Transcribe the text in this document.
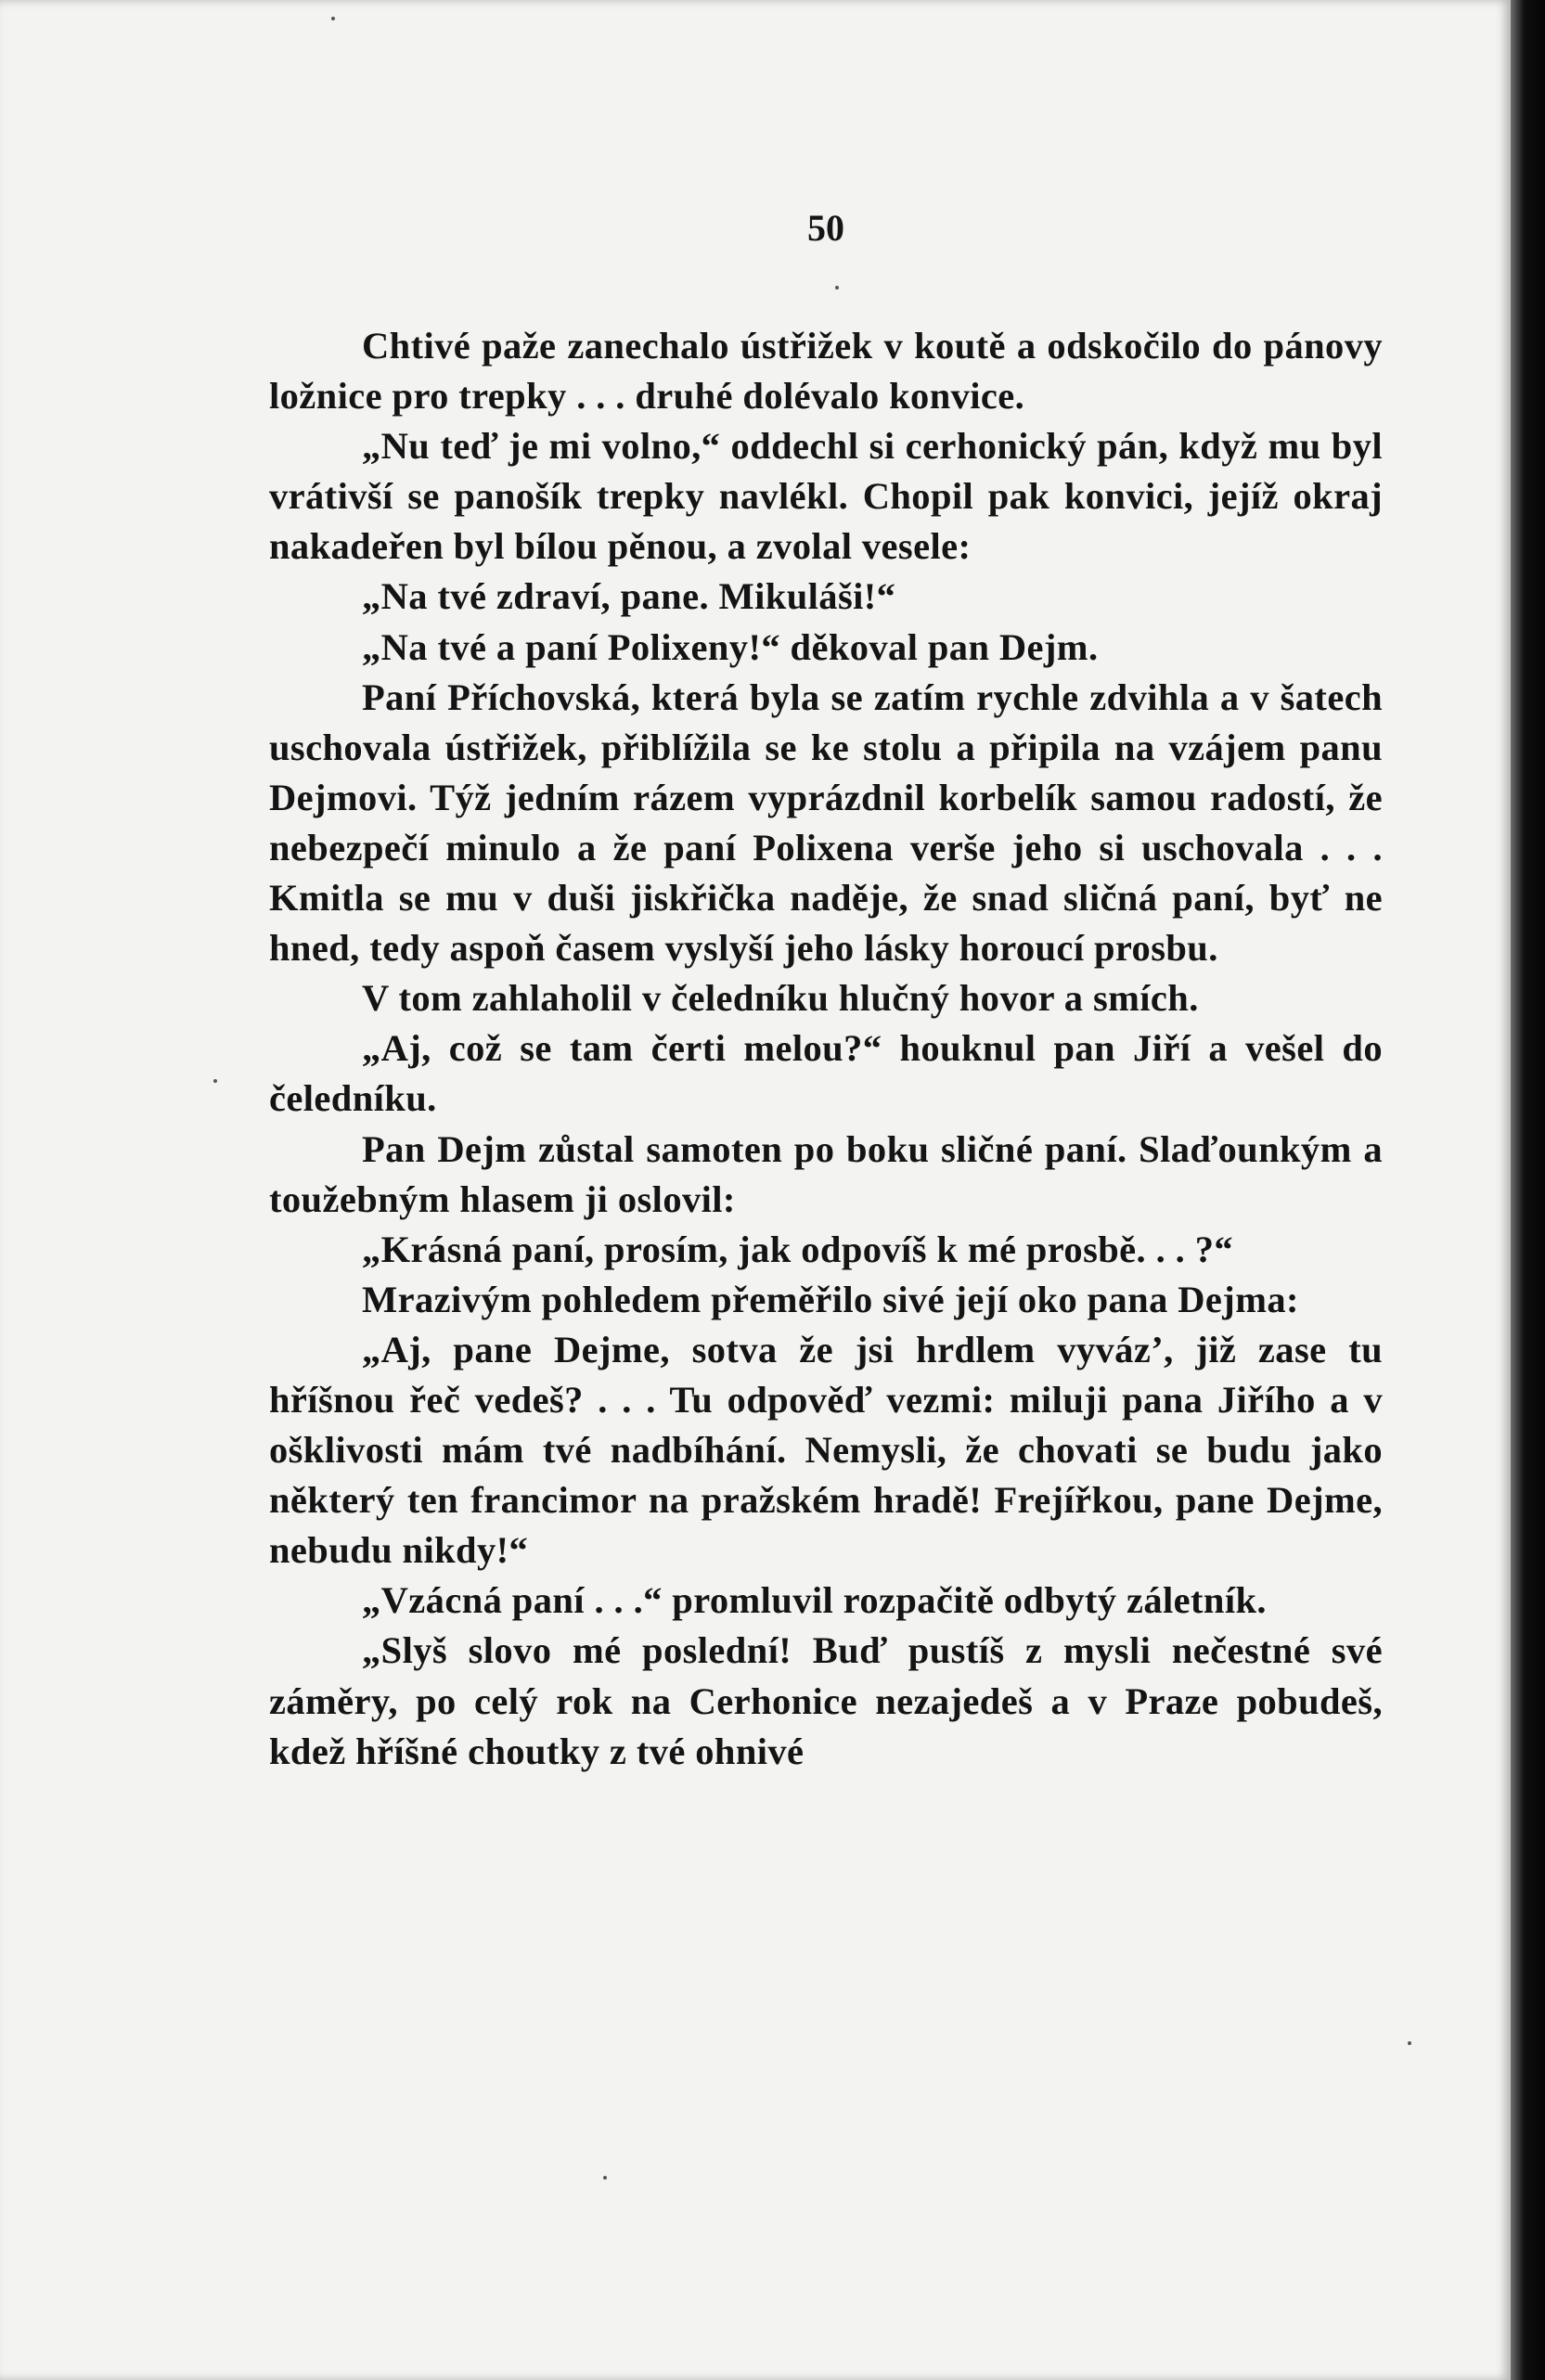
50

Chtivé paže zanechalo ústřižek v koutě a odskočilo do pánovy ložnice pro trepky . . . druhé dolévalo konvice.

„Nu teď je mi volno,“ oddechl si cerhonický pán, když mu byl vrátivší se panošík trepky navlékl. Chopil pak konvici, jejíž okraj nakadeřen byl bílou pěnou, a zvolal vesele:

„Na tvé zdraví, pane. Mikuláši!“

„Na tvé a paní Polixeny!“ děkoval pan Dejm.

Paní Příchovská, která byla se zatím rychle zdvihla a v šatech uschovala ústřižek, přiblížila se ke stolu a připila na vzájem panu Dejmovi. Týž jedním rázem vyprázdnil korbelík samou radostí, že nebezpečí minulo a že paní Polixena verše jeho si uschovala . . . Kmitla se mu v duši jiskřička naděje, že snad sličná paní, byť ne hned, tedy aspoň časem vyslyší jeho lásky horoucí prosbu.

V tom zahlaholil v čeledníku hlučný hovor a smích.

„Aj, což se tam čerti melou?“ houknul pan Jiří a vešel do čeledníku.

Pan Dejm zůstal samoten po boku sličné paní. Slaďounkým a toužebným hlasem ji oslovil:

„Krásná paní, prosím, jak odpovíš k mé prosbě. . . ?“

Mrazivým pohledem přeměřilo sivé její oko pana Dejma:

„Aj, pane Dejme, sotva že jsi hrdlem vyvázʼ, již zase tu hříšnou řeč vedeš? . . . Tu odpověď vezmi: miluji pana Jiřího a v ošklivosti mám tvé nadbíhání. Nemysli, že chovati se budu jako některý ten francimor na pražském hradě! Frejířkou, pane Dejme, nebudu nikdy!“

„Vzácná paní . . .“ promluvil rozpačitě odbytý záletník.

„Slyš slovo mé poslední! Buď pustíš z mysli nečestné své záměry, po celý rok na Cerhonice nezajedeš a v Praze pobudeš, kdež hříšné choutky z tvé ohnivé
